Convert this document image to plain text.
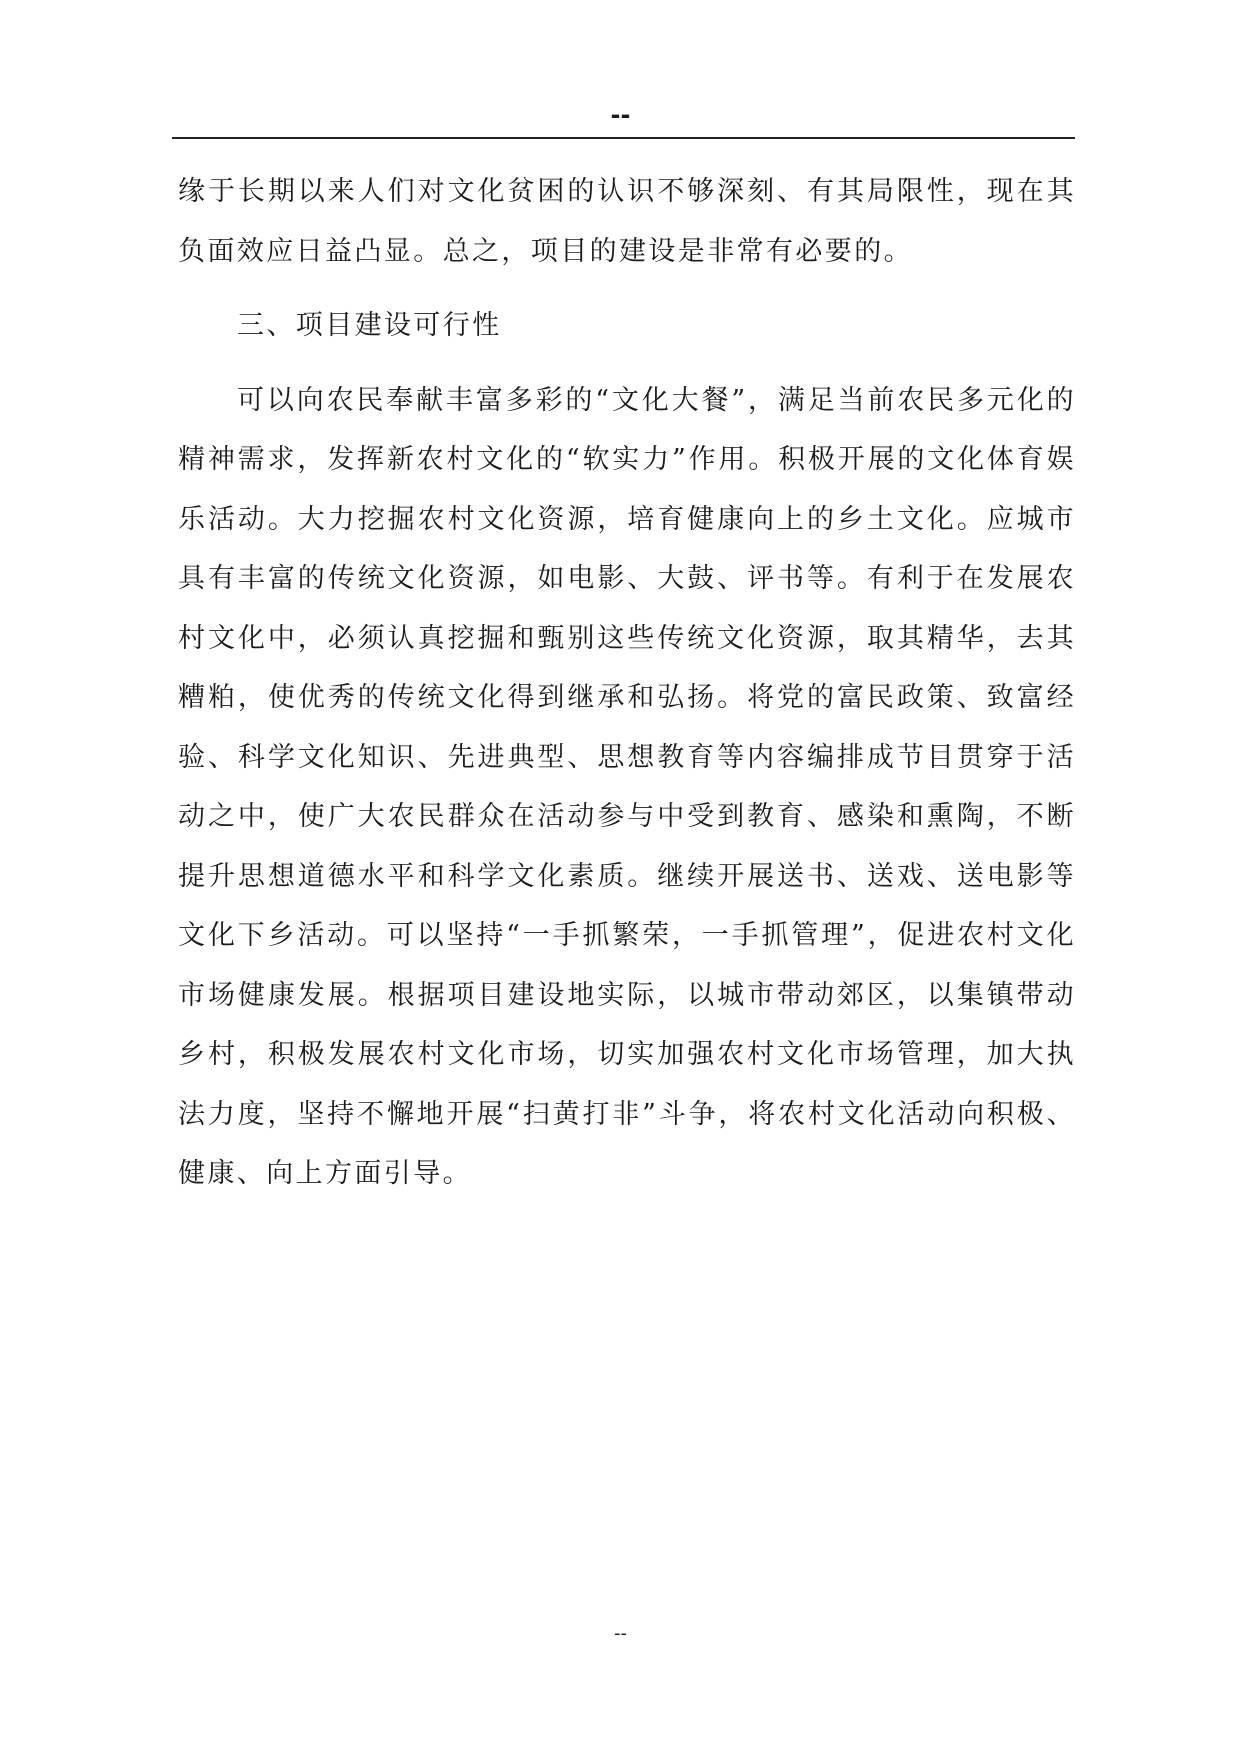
--

缘于长期以来人们对文化贫困的认识不够深刻、有其局限性，现在其负面效应日益凸显。总之，项目的建设是非常有必要的。

三、项目建设可行性

可以向农民奉献丰富多彩的“文化大餐”，满足当前农民多元化的精神需求，发挥新农村文化的“软实力”作用。积极开展的文化体育娱乐活动。大力挖掘农村文化资源，培育健康向上的乡土文化。应城市具有丰富的传统文化资源，如电影、大鼓、评书等。有利于在发展农村文化中，必须认真挖掘和甄别这些传统文化资源，取其精华，去其糟粕，使优秀的传统文化得到继承和弘扬。将党的富民政策、致富经验、科学文化知识、先进典型、思想教育等内容编排成节目贯穿于活动之中，使广大农民群众在活动参与中受到教育、感染和熏陶，不断提升思想道德水平和科学文化素质。继续开展送书、送戏、送电影等文化下乡活动。可以坚持“一手抓繁荣，一手抓管理”，促进农村文化市场健康发展。根据项目建设地实际，以城市带动郊区，以集镇带动乡村，积极发展农村文化市场，切实加强农村文化市场管理，加大执法力度，坚持不懈地开展“扫黄打非”斗争，将农村文化活动向积极、健康、向上方面引导。

--
